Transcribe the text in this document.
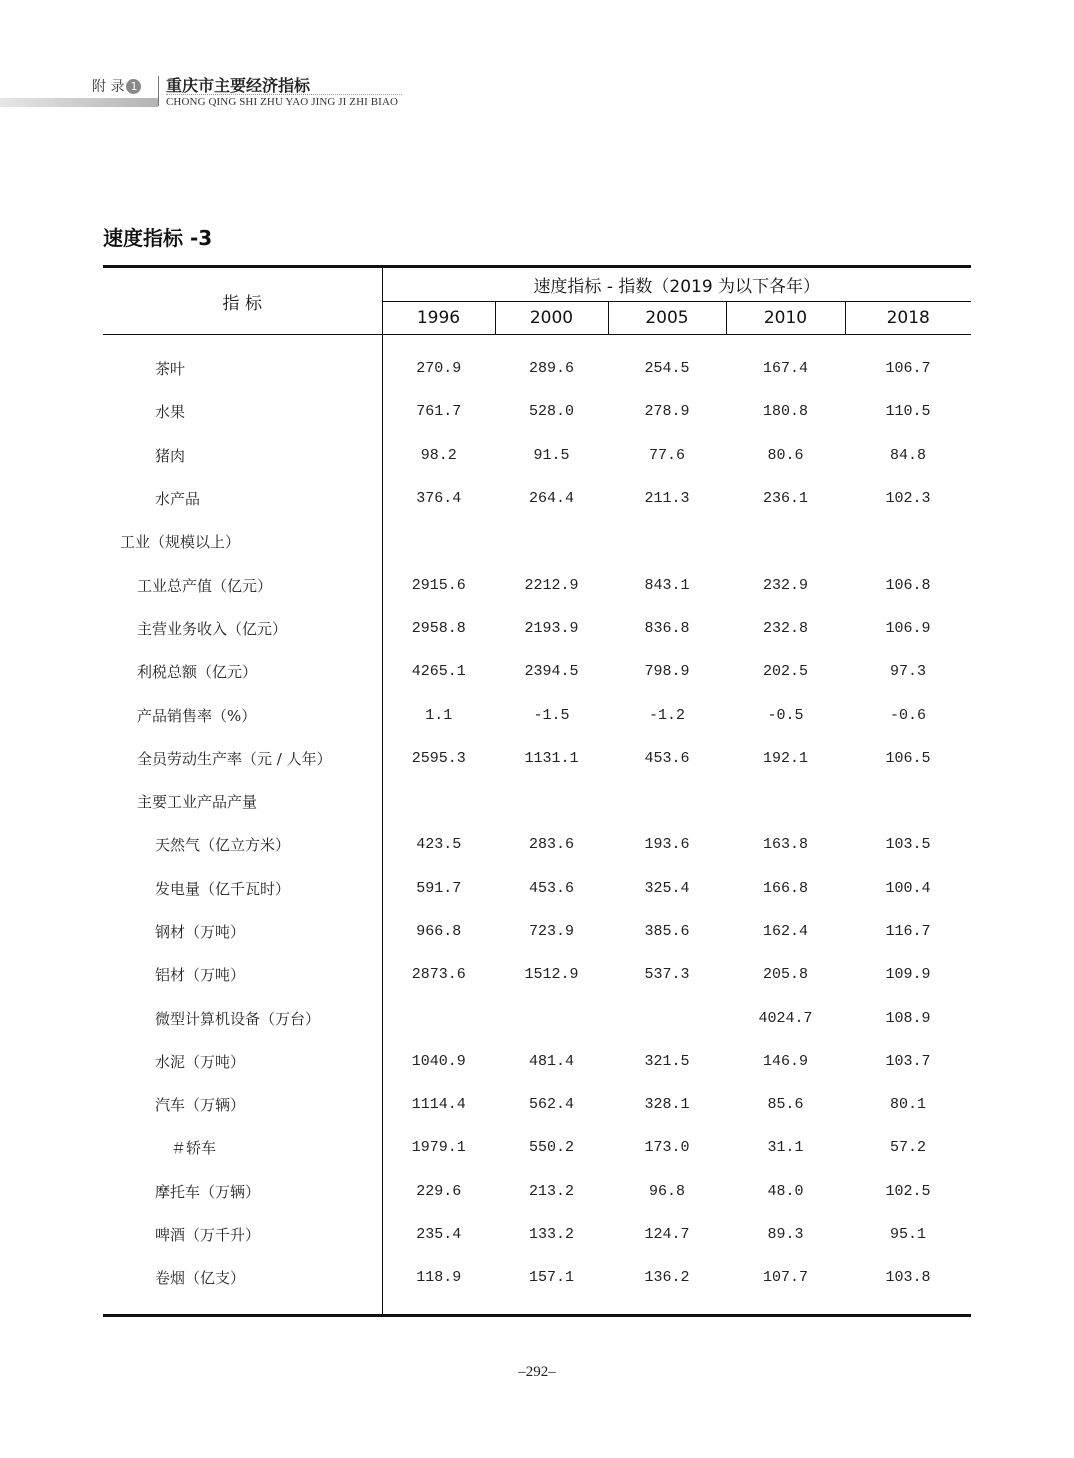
附 录 1 重庆市主要经济指标
CHONG QING SHI ZHU YAO JING JI ZHI BIAO
速度指标 -3
指 标	速度指标 - 指数（2019 为以下各年）				
	1996	2000	2005	2010	2018

茶叶	270.9	289.6	254.5	167.4	106.7
水果	761.7	528.0	278.9	180.8	110.5
猪肉	98.2	91.5	77.6	80.6	84.8
水产品	376.4	264.4	211.3	236.1	102.3
工业（规模以上）					
工业总产值（亿元）	2915.6	2212.9	843.1	232.9	106.8
主营业务收入（亿元）	2958.8	2193.9	836.8	232.8	106.9
利税总额（亿元）	4265.1	2394.5	798.9	202.5	97.3
产品销售率（%）	1.1	-1.5	-1.2	-0.5	-0.6
全员劳动生产率（元 / 人年）	2595.3	1131.1	453.6	192.1	106.5
主要工业产品产量					
天然气（亿立方米）	423.5	283.6	193.6	163.8	103.5
发电量（亿千瓦时）	591.7	453.6	325.4	166.8	100.4
钢材（万吨）	966.8	723.9	385.6	162.4	116.7
铝材（万吨）	2873.6	1512.9	537.3	205.8	109.9
微型计算机设备（万台）				4024.7	108.9
水泥（万吨）	1040.9	481.4	321.5	146.9	103.7
汽车（万辆）	1114.4	562.4	328.1	85.6	80.1
＃轿车	1979.1	550.2	173.0	31.1	57.2
摩托车（万辆）	229.6	213.2	96.8	48.0	102.5
啤酒（万千升）	235.4	133.2	124.7	89.3	95.1
卷烟（亿支）	118.9	157.1	136.2	107.7	103.8

–292–
